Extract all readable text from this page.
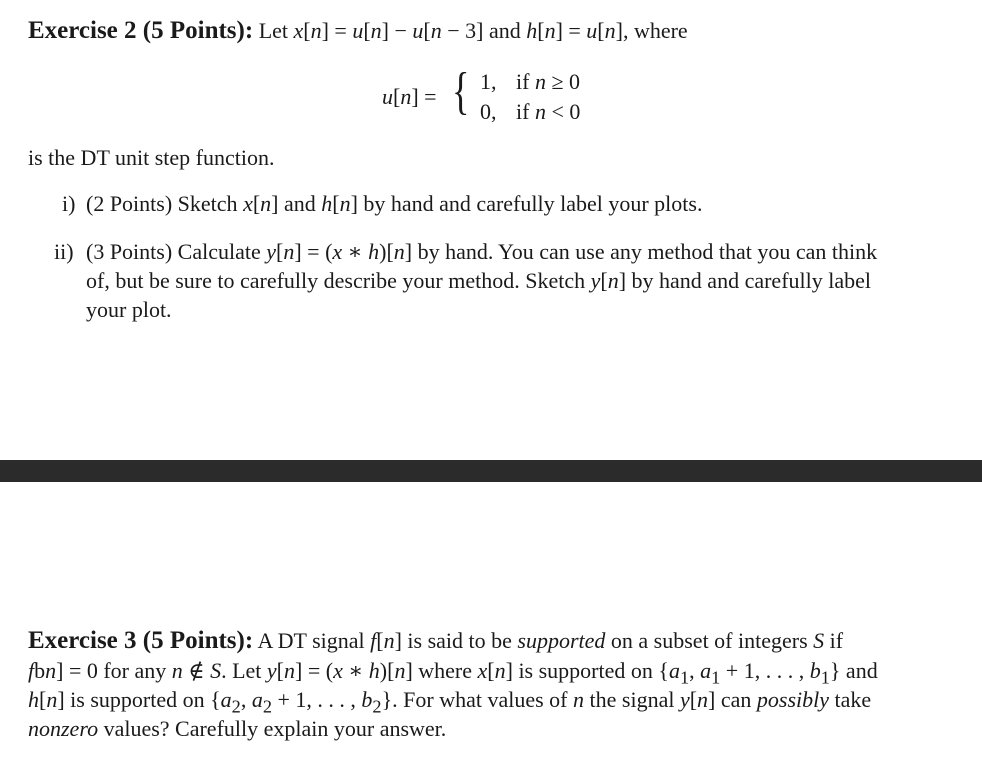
Exercise 2 (5 Points): Let x[n] = u[n] − u[n − 3] and h[n] = u[n], where
u[n] = { 1, if n ≥ 0
0, if n < 0
is the DT unit step function.
i) (2 Points) Sketch x[n] and h[n] by hand and carefully label your plots.
ii) (3 Points) Calculate y[n] = (x ∗ h)[n] by hand. You can use any method that you can think
of, but be sure to carefully describe your method. Sketch y[n] by hand and carefully label
your plot.
Exercise 3 (5 Points): A DT signal f[n] is said to be supported on a subset of integers S if
fbn] = 0 for any n ∉ S. Let y[n] = (x ∗ h)[n] where x[n] is supported on {$a_1$, $a_1 + 1$, . . . , $b_1$} and
h[n] is supported on {$a_2$, $a_2 + 1$, . . . , $b_2$}. For what values of n the signal y[n] can possibly take
nonzero values? Carefully explain your answer.
